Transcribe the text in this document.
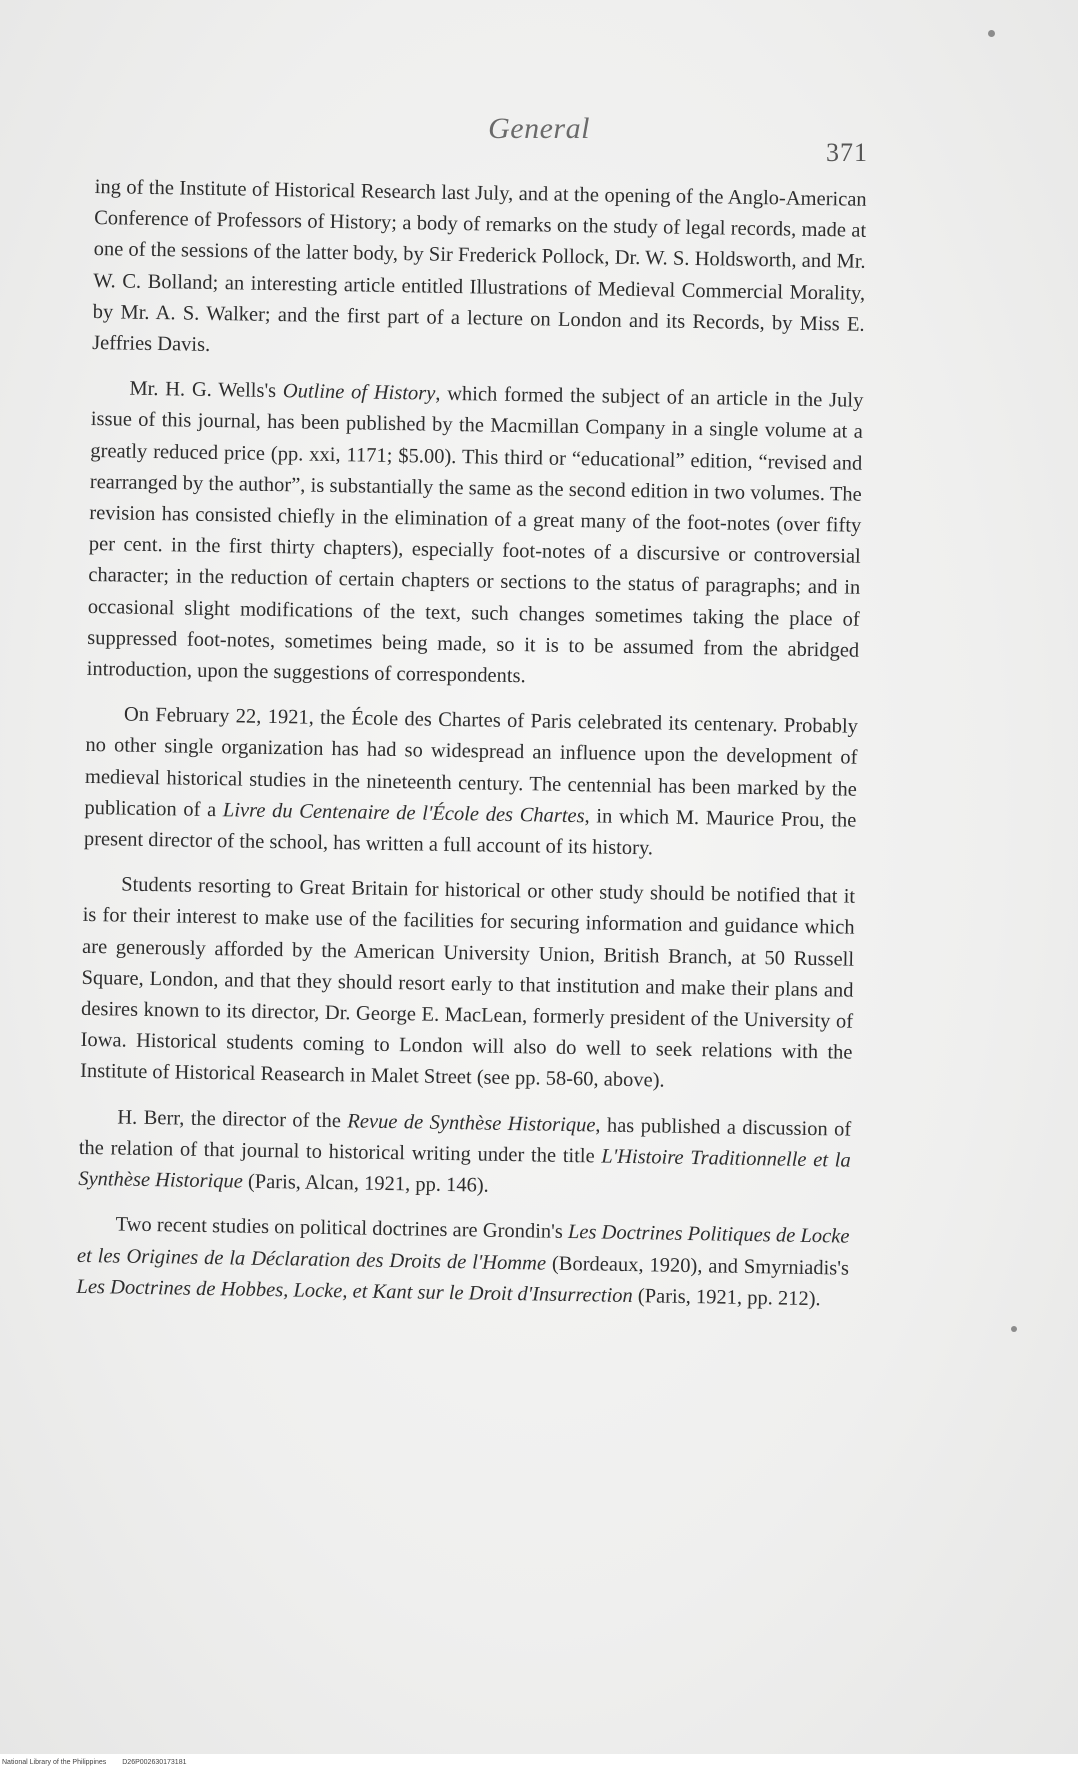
General
371

ing of the Institute of Historical Research last July, and at the opening of the Anglo-American Conference of Professors of History; a body of remarks on the study of legal records, made at one of the sessions of the latter body, by Sir Frederick Pollock, Dr. W. S. Holdsworth, and Mr. W. C. Bolland; an interesting article entitled Illustrations of Medieval Commercial Morality, by Mr. A. S. Walker; and the first part of a lecture on London and its Records, by Miss E. Jeffries Davis.

Mr. H. G. Wells's Outline of History, which formed the subject of an article in the July issue of this journal, has been published by the Macmillan Company in a single volume at a greatly reduced price (pp. xxi, 1171; $5.00). This third or “educational” edition, “revised and rearranged by the author”, is substantially the same as the second edition in two volumes. The revision has consisted chiefly in the elimination of a great many of the foot-notes (over fifty per cent. in the first thirty chapters), especially foot-notes of a discursive or controversial character; in the reduction of certain chapters or sections to the status of paragraphs; and in occasional slight modifications of the text, such changes sometimes taking the place of suppressed foot-notes, sometimes being made, so it is to be assumed from the abridged introduction, upon the suggestions of correspondents.

On February 22, 1921, the École des Chartes of Paris celebrated its centenary. Probably no other single organization has had so widespread an influence upon the development of medieval historical studies in the nineteenth century. The centennial has been marked by the publication of a Livre du Centenaire de l'École des Chartes, in which M. Maurice Prou, the present director of the school, has written a full account of its history.

Students resorting to Great Britain for historical or other study should be notified that it is for their interest to make use of the facilities for securing information and guidance which are generously afforded by the American University Union, British Branch, at 50 Russell Square, London, and that they should resort early to that institution and make their plans and desires known to its director, Dr. George E. MacLean, formerly president of the University of Iowa. Historical students coming to London will also do well to seek relations with the Institute of Historical Reasearch in Malet Street (see pp. 58-60, above).

H. Berr, the director of the Revue de Synthèse Historique, has published a discussion of the relation of that journal to historical writing under the title L'Histoire Traditionnelle et la Synthèse Historique (Paris, Alcan, 1921, pp. 146).

Two recent studies on political doctrines are Grondin's Les Doctrines Politiques de Locke et les Origines de la Déclaration des Droits de l'Homme (Bordeaux, 1920), and Smyrniadis's Les Doctrines de Hobbes, Locke, et Kant sur le Droit d'Insurrection (Paris, 1921, pp. 212).

National Library of the Philippines D26P002630173181
